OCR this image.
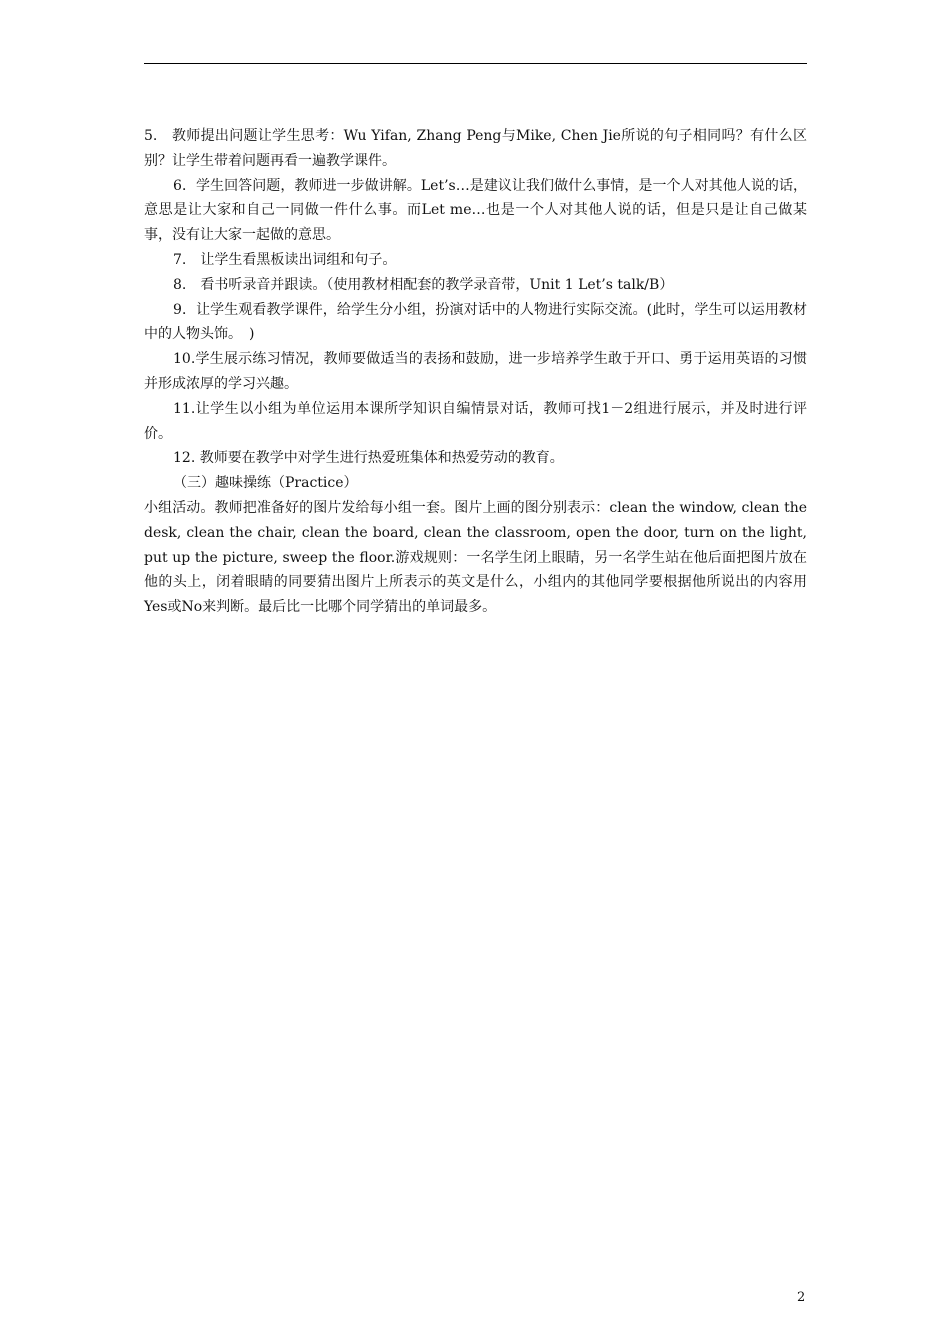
5.　教师提出问题让学生思考：Wu Yifan, Zhang Peng与Mike, Chen Jie所说的句子相同吗？有什么区别？让学生带着问题再看一遍教学课件。

6．学生回答问题，教师进一步做讲解。Let’s…是建议让我们做什么事情，是一个人对其他人说的话，意思是让大家和自己一同做一件什么事。而Let me…也是一个人对其他人说的话，但是只是让自己做某事，没有让大家一起做的意思。

7.　让学生看黑板读出词组和句子。

8.　看书听录音并跟读。（使用教材相配套的教学录音带，Unit 1 Let’s talk/B）

9．让学生观看教学课件，给学生分小组，扮演对话中的人物进行实际交流。(此时，学生可以运用教材中的人物头饰。　)

10.学生展示练习情况，教师要做适当的表扬和鼓励，进一步培养学生敢于开口、勇于运用英语的习惯并形成浓厚的学习兴趣。

11.让学生以小组为单位运用本课所学知识自编情景对话，教师可找1－2组进行展示，并及时进行评价。

12. 教师要在教学中对学生进行热爱班集体和热爱劳动的教育。

（三）趣味操练（Practice）

小组活动。教师把准备好的图片发给每小组一套。图片上画的图分别表示：clean the window, clean the desk, clean the chair, clean the board, clean the classroom, open the door, turn on the light, put up the picture, sweep the floor.游戏规则：一名学生闭上眼睛，另一名学生站在他后面把图片放在他的头上，闭着眼睛的同要猜出图片上所表示的英文是什么，小组内的其他同学要根据他所说出的内容用Yes或No来判断。最后比一比哪个同学猜出的单词最多。

2
